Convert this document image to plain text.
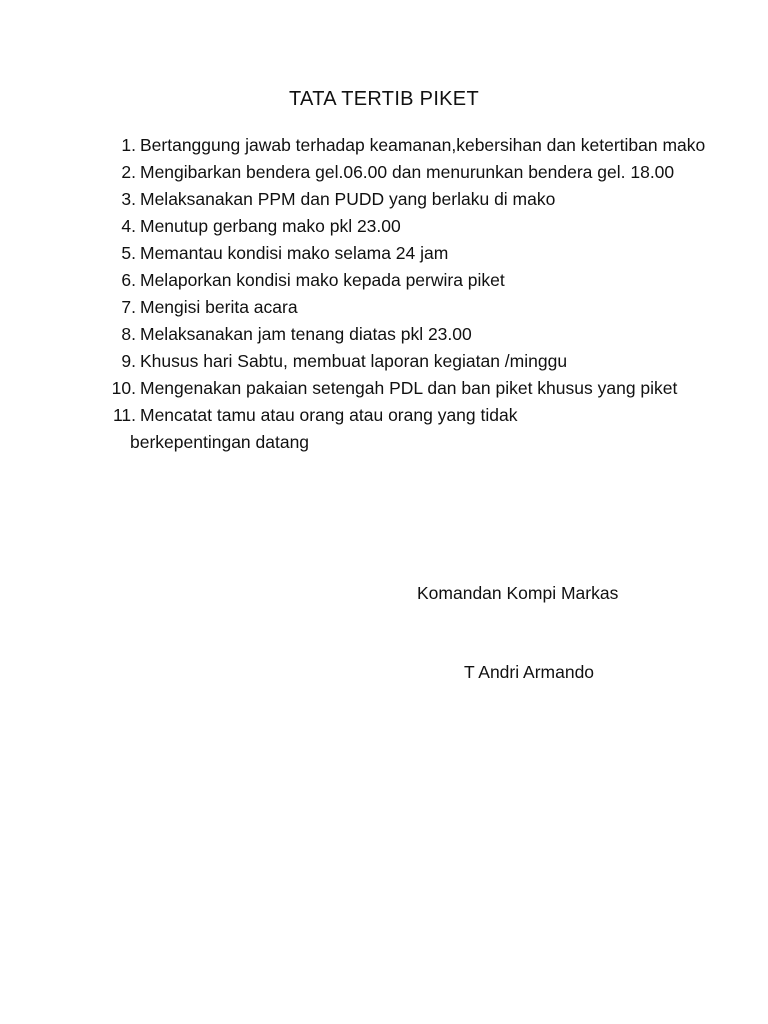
TATA TERTIB PIKET
1. Bertanggung jawab terhadap keamanan,kebersihan dan ketertiban mako
2. Mengibarkan bendera gel.06.00 dan menurunkan bendera gel. 18.00
3. Melaksanakan PPM dan PUDD yang berlaku di mako
4. Menutup gerbang mako pkl 23.00
5. Memantau kondisi mako selama 24 jam
6. Melaporkan kondisi mako kepada perwira piket
7. Mengisi berita acara
8. Melaksanakan jam tenang diatas pkl 23.00
9. Khusus hari Sabtu, membuat laporan kegiatan /minggu
10. Mengenakan pakaian setengah PDL dan ban piket khusus yang piket
11. Mencatat tamu atau orang atau orang yang tidak
berkepentingan datang
Komandan Kompi Markas
T Andri Armando
